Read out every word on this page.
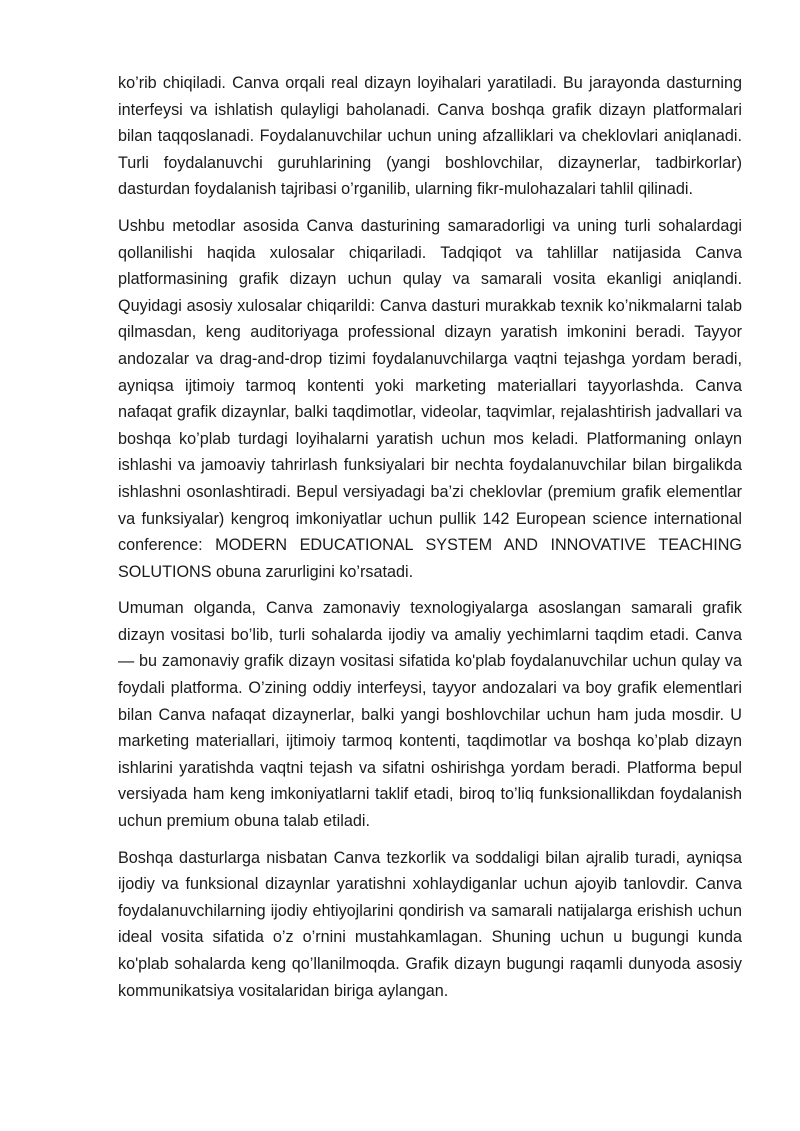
ko’rib chiqiladi. Canva orqali real dizayn loyihalari yaratiladi. Bu jarayonda dasturning interfeysi va ishlatish qulayligi baholanadi. Canva boshqa grafik dizayn platformalari bilan taqqoslanadi. Foydalanuvchilar uchun uning afzalliklari va cheklovlari aniqlanadi. Turli foydalanuvchi guruhlarining (yangi boshlovchilar, dizaynerlar, tadbirkorlar) dasturdan foydalanish tajribasi o’rganilib, ularning fikr-mulohazalari tahlil qilinadi.

Ushbu metodlar asosida Canva dasturining samaradorligi va uning turli sohalardagi qollanilishi haqida xulosalar chiqariladi. Tadqiqot va tahlillar natijasida Canva platformasining grafik dizayn uchun qulay va samarali vosita ekanligi aniqlandi. Quyidagi asosiy xulosalar chiqarildi: Canva dasturi murakkab texnik ko’nikmalarni talab qilmasdan, keng auditoriyaga professional dizayn yaratish imkonini beradi. Tayyor andozalar va drag-and-drop tizimi foydalanuvchilarga vaqtni tejashga yordam beradi, ayniqsa ijtimoiy tarmoq kontenti yoki marketing materiallari tayyorlashda. Canva nafaqat grafik dizaynlar, balki taqdimotlar, videolar, taqvimlar, rejalashtirish jadvallari va boshqa ko’plab turdagi loyihalarni yaratish uchun mos keladi. Platformaning onlayn ishlashi va jamoaviy tahrirlash funksiyalari bir nechta foydalanuvchilar bilan birgalikda ishlashni osonlashtiradi. Bepul versiyadagi ba’zi cheklovlar (premium grafik elementlar va funksiyalar) kengroq imkoniyatlar uchun pullik 142 European science international conference: MODERN EDUCATIONAL SYSTEM AND INNOVATIVE TEACHING SOLUTIONS obuna zarurligini ko’rsatadi.

Umuman olganda, Canva zamonaviy texnologiyalarga asoslangan samarali grafik dizayn vositasi bo’lib, turli sohalarda ijodiy va amaliy yechimlarni taqdim etadi. Canva — bu zamonaviy grafik dizayn vositasi sifatida ko'plab foydalanuvchilar uchun qulay va foydali platforma. O’zining oddiy interfeysi, tayyor andozalari va boy grafik elementlari bilan Canva nafaqat dizaynerlar, balki yangi boshlovchilar uchun ham juda mosdir. U marketing materiallari, ijtimoiy tarmoq kontenti, taqdimotlar va boshqa ko’plab dizayn ishlarini yaratishda vaqtni tejash va sifatni oshirishga yordam beradi. Platforma bepul versiyada ham keng imkoniyatlarni taklif etadi, biroq to’liq funksionallikdan foydalanish uchun premium obuna talab etiladi.

Boshqa dasturlarga nisbatan Canva tezkorlik va soddaligi bilan ajralib turadi, ayniqsa ijodiy va funksional dizaynlar yaratishni xohlaydiganlar uchun ajoyib tanlovdir. Canva foydalanuvchilarning ijodiy ehtiyojlarini qondirish va samarali natijalarga erishish uchun ideal vosita sifatida o’z o’rnini mustahkamlagan. Shuning uchun u bugungi kunda ko'plab sohalarda keng qo’llanilmoqda. Grafik dizayn bugungi raqamli dunyoda asosiy kommunikatsiya vositalaridan biriga aylangan.
